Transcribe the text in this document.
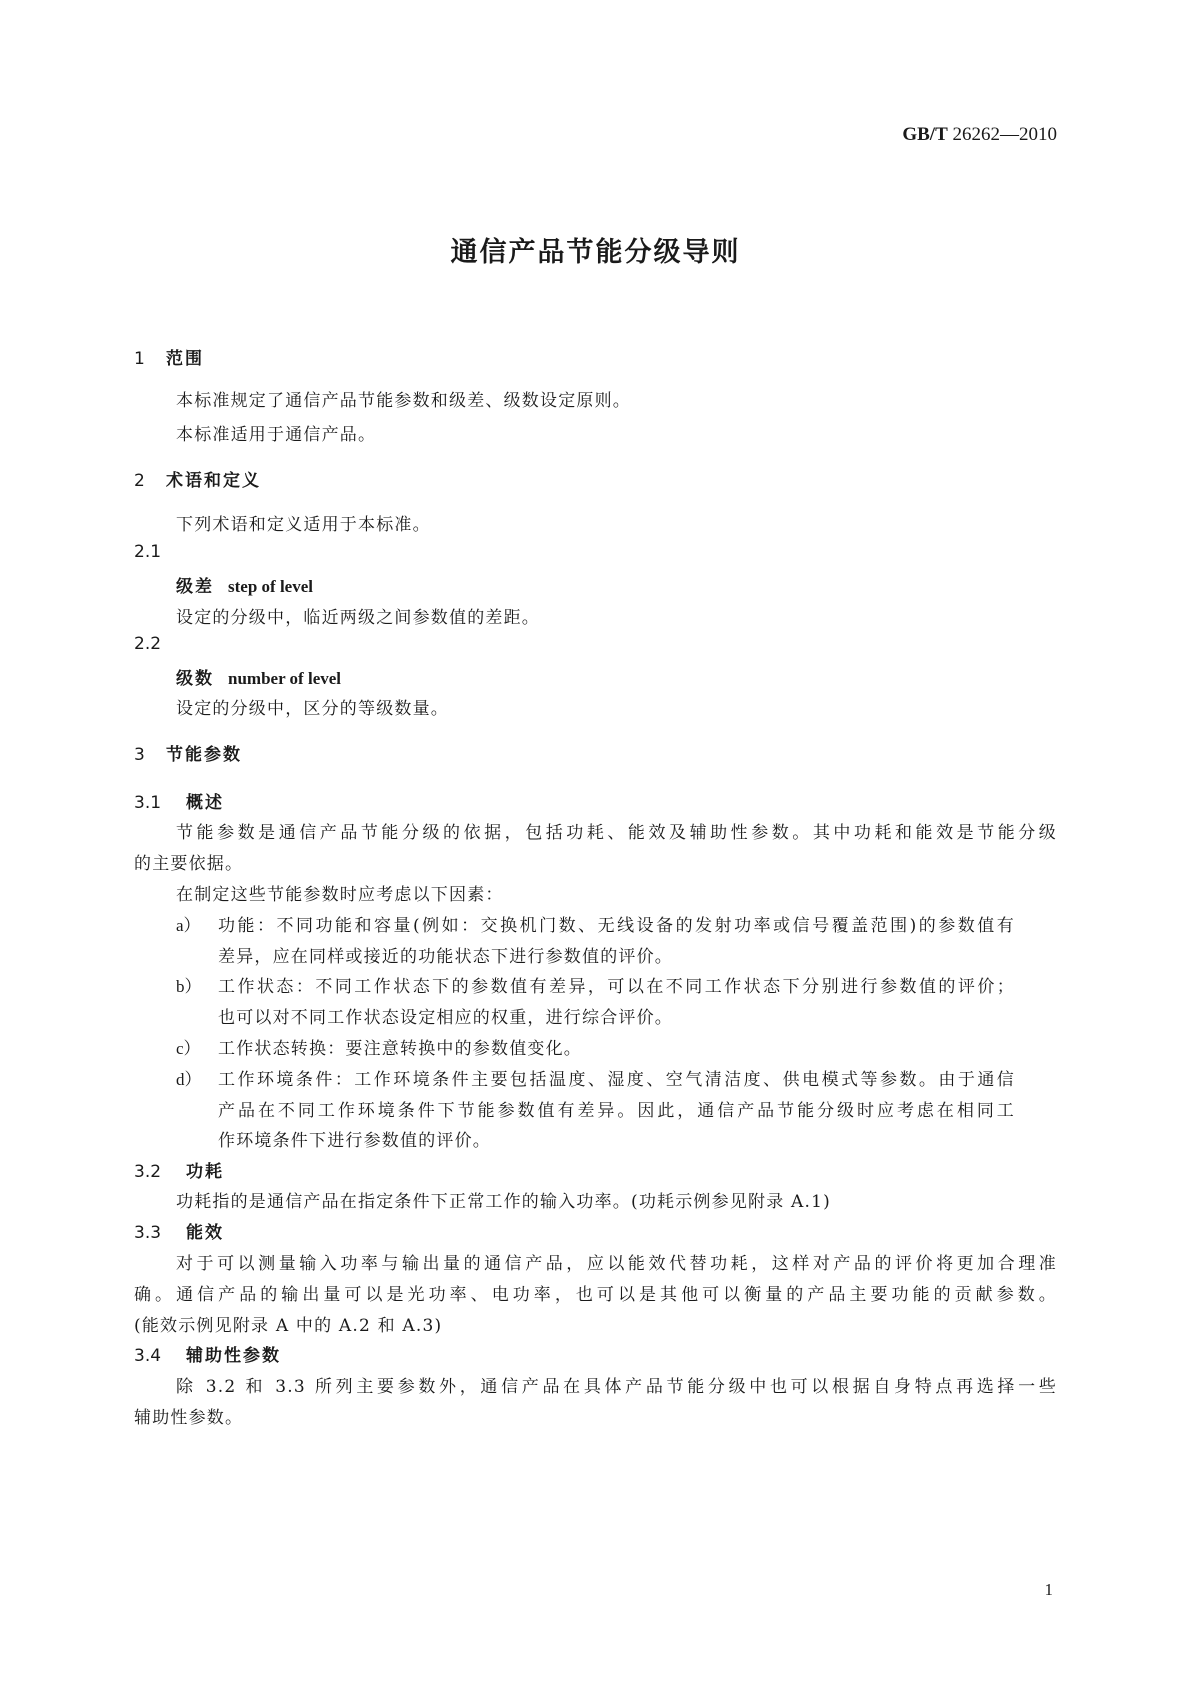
GB/T 26262—2010
通信产品节能分级导则
1 范围
本标准规定了通信产品节能参数和级差、级数设定原则。
本标准适用于通信产品。
2 术语和定义
下列术语和定义适用于本标准。
2.1
级差 step of level
设定的分级中，临近两级之间参数值的差距。
2.2
级数 number of level
设定的分级中，区分的等级数量。
3 节能参数
3.1 概述
节能参数是通信产品节能分级的依据，包括功耗、能效及辅助性参数。其中功耗和能效是节能分级
的主要依据。
在制定这些节能参数时应考虑以下因素：
a） 功能：不同功能和容量(例如：交换机门数、无线设备的发射功率或信号覆盖范围)的参数值有
差异，应在同样或接近的功能状态下进行参数值的评价。
b） 工作状态：不同工作状态下的参数值有差异，可以在不同工作状态下分别进行参数值的评价；
也可以对不同工作状态设定相应的权重，进行综合评价。
c） 工作状态转换：要注意转换中的参数值变化。
d） 工作环境条件：工作环境条件主要包括温度、湿度、空气清洁度、供电模式等参数。由于通信
产品在不同工作环境条件下节能参数值有差异。因此，通信产品节能分级时应考虑在相同工
作环境条件下进行参数值的评价。
3.2 功耗
功耗指的是通信产品在指定条件下正常工作的输入功率。(功耗示例参见附录 A.1)
3.3 能效
对于可以测量输入功率与输出量的通信产品，应以能效代替功耗，这样对产品的评价将更加合理准
确。通信产品的输出量可以是光功率、电功率，也可以是其他可以衡量的产品主要功能的贡献参数。
(能效示例见附录 A 中的 A.2 和 A.3)
3.4 辅助性参数
除 3.2 和 3.3 所列主要参数外，通信产品在具体产品节能分级中也可以根据自身特点再选择一些
辅助性参数。
1
